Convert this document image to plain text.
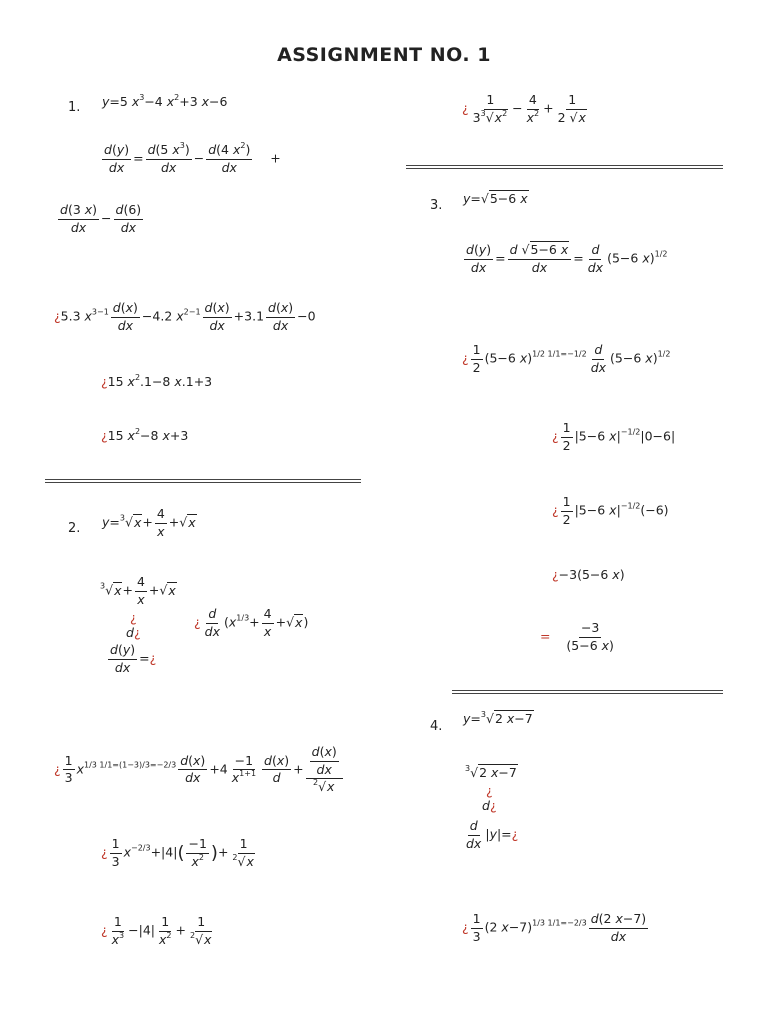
ASSIGNMENT NO. 1
1. y=5 $x^3-4$ $x^2+3$ x−6
$\frac{d(y)}{dx} = \frac{d(5 x^3)}{dx} - \frac{d(4 x^2)}{dx}$ +
$\frac{d(3 x)}{dx} - \frac{d(6)}{dx}$
¿5.3 $x^{3-1} \frac{d(x)}{dx} -4.2$ $x^{2-1} \frac{d(x)}{dx} +3.1 \frac{d(x)}{dx} -0$
¿15 $x^2.1-8$ x.1+3
¿15 $x^2-8$ x+3
2. $y=^3√x+ \frac{4}{x} +√x$
$^3√x+ \frac{4}{x} +√x$
¿
d¿
$\frac{d(y)}{dx}$ =¿
¿ $\frac{d}{dx} (x^{1/3}+ \frac{4}{x} +√x)$
¿ $\frac{1}{3} x^{1/3 1/1=(1-3)/3=-2/3} \frac{d(x)}{dx} +4 \frac{-1}{x^{1+1}} \frac{d(x)}{d} + \frac{\frac{d(x)}{dx}}{^2√x}$
¿ $\frac{1}{3} x^{-2/3}+|4|( \frac{-1}{x^2}$ )+ $\frac{1}{^2√x}$
¿ $\frac{1}{x^3} -|4| \frac{1}{x^2} + \frac{1}{^2√x}$
¿ $\frac{1}{3^3√x^2} - \frac{4}{x^2} + \frac{1}{2 √x}$
3. y=√5−6 x
$\frac{d(y)}{dx} = \frac{d √5-6 x}{dx} = \frac{d}{dx} (5-6$ x)$^{1/2}$
¿ $\frac{1}{2} (5-6$ $x)^{1/2 1/1=-1/2} \frac{d}{dx} (5-6$ x)$^{1/2}$
¿ $\frac{1}{2} |5-6$ $x|^{-1/2}|0-6|$
¿ $\frac{1}{2} |5-6$ $x|^{-1/2}(-6)$
¿−3(5−6 x)
= $\frac{-3}{(5-6 x)}$
4.
y=$^3$√2 x−7
$^3$√2 x−7
¿
d¿
$\frac{d}{dx}$ |y|=¿
¿ $\frac{1}{3} (2$ $x-7)^{1/3 1/1=-2/3} \frac{d(2 x-7)}{dx}$
